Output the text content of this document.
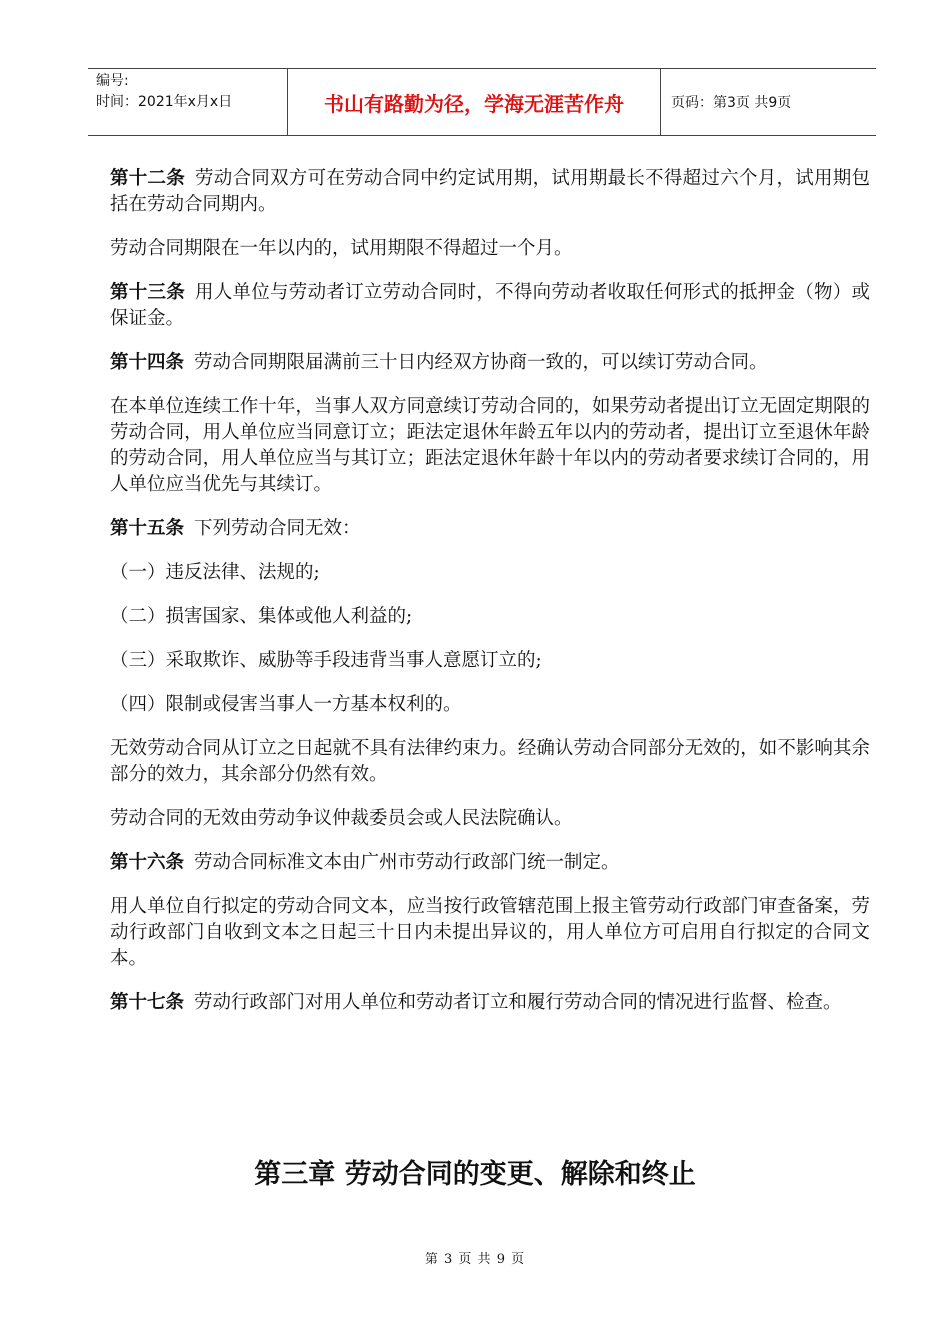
编号:
时间：2021年x月x日	书山有路勤为径，学海无涯苦作舟	页码：第3页 共9页

第十二条 劳动合同双方可在劳动合同中约定试用期，试用期最长不得超过六个月，试用期包括在劳动合同期内。

劳动合同期限在一年以内的，试用期限不得超过一个月。

第十三条 用人单位与劳动者订立劳动合同时，不得向劳动者收取任何形式的抵押金（物）或保证金。

第十四条 劳动合同期限届满前三十日内经双方协商一致的，可以续订劳动合同。

在本单位连续工作十年，当事人双方同意续订劳动合同的，如果劳动者提出订立无固定期限的劳动合同，用人单位应当同意订立；距法定退休年龄五年以内的劳动者，提出订立至退休年龄的劳动合同，用人单位应当与其订立；距法定退休年龄十年以内的劳动者要求续订合同的，用人单位应当优先与其续订。

第十五条 下列劳动合同无效：

（一）违反法律、法规的;

（二）损害国家、集体或他人利益的;

（三）采取欺诈、威胁等手段违背当事人意愿订立的;

（四）限制或侵害当事人一方基本权利的。

无效劳动合同从订立之日起就不具有法律约束力。经确认劳动合同部分无效的，如不影响其余部分的效力，其余部分仍然有效。

劳动合同的无效由劳动争议仲裁委员会或人民法院确认。

第十六条 劳动合同标准文本由广州市劳动行政部门统一制定。

用人单位自行拟定的劳动合同文本，应当按行政管辖范围上报主管劳动行政部门审查备案，劳动行政部门自收到文本之日起三十日内未提出异议的，用人单位方可启用自行拟定的合同文本。

第十七条 劳动行政部门对用人单位和劳动者订立和履行劳动合同的情况进行监督、检查。

第三章 劳动合同的变更、解除和终止
第 3 页 共 9 页
